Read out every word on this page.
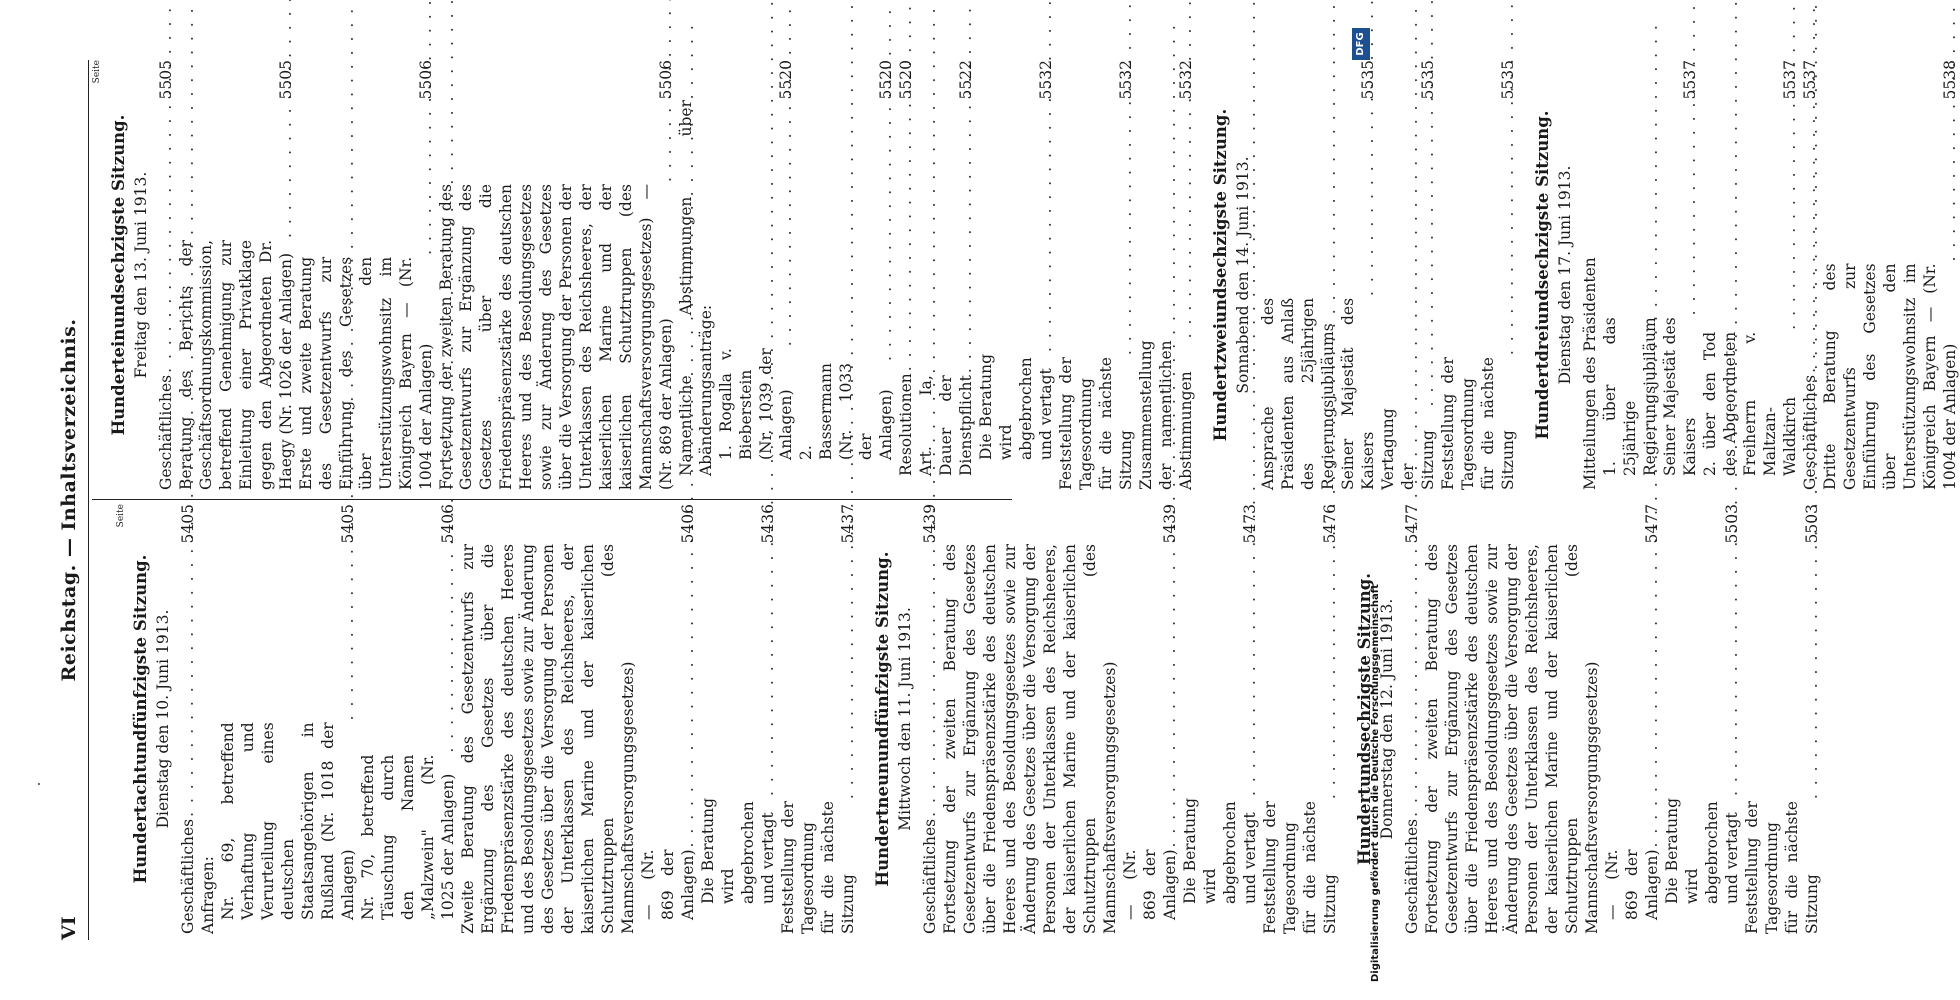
VI
Reichstag. — Inhaltsverzeichnis.	Seite
Hundertachtundfünfzigste Sitzung. Dienstag den 10. Juni 1913.
Geschäftliches
. . .
5405
Anfragen: Nr. 69, betreffend Verhaftung und Verurteilung eines deutschen Staatsangehörigen in Rußland (Nr. 1018 der Anlagen)
. . .
5405
Nr. 70, betreffend Täuschung durch den Namen „Malzwein" (Nr. 1025 der Anlagen)
. . .
5406
Zweite Beratung des Gesetzentwurfs zur Ergänzung des Gesetzes über die Friedenspräsenzstärke des deutschen Heeres und des Besoldungsgesetzes sowie zur Änderung des Gesetzes über die Versorgung der Personen der Unterklassen des Reichsheeres, der kaiserlichen Marine und der kaiserlichen Schutztruppen (des Mannschaftsversorgungsgesetzes) — (Nr. 869 der Anlagen)
. . .
5406
Die Beratung wird abgebrochen und vertagt
. . .
5436
Feststellung der Tagesordnung für die nächste Sitzung
. . .
5437
Hundertneunundfünfzigste Sitzung. Mittwoch den 11. Juni 1913.
Geschäftliches
. . .
5439
Fortsetzung der zweiten Beratung des Gesetzentwurfs zur Ergänzung des Gesetzes über die Friedenspräsenzstärke des deutschen Heeres und des Besoldungsgesetzes sowie zur Änderung des Gesetzes über die Versorgung der Personen der Unterklassen des Reichsheeres, der kaiserlichen Marine und der kaiserlichen Schutztruppen (des Mannschaftsversorgungsgesetzes) — (Nr. 869 der Anlagen)
. . .
5439
Die Beratung wird abgebrochen und vertagt
. . .
5473
Feststellung der Tagesordnung für die nächste Sitzung
. . .
5476
Hundertundsechzigste Sitzung. Donnerstag den 12. Juni 1913.
Geschäftliches
. . .
5477
Fortsetzung der zweiten Beratung des Gesetzentwurfs zur Ergänzung des Gesetzes über die Friedenspräsenzstärke des deutschen Heeres und des Besoldungsgesetzes sowie zur Änderung des Gesetzes über die Versorgung der Personen der Unterklassen des Reichsheeres, der kaiserlichen Marine und der kaiserlichen Schutztruppen (des Mannschaftsversorgungsgesetzes) — (Nr. 869 der Anlagen)
. . .
5477
Die Beratung wird abgebrochen und vertagt
. . .
5503
Feststellung der Tagesordnung für die nächste Sitzung
. . .
5503
Seite
Hunderteinundsechzigste Sitzung. Freitag den 13. Juni 1913.
Geschäftliches
. . .
5505
Beratung des Berichts der Geschäftsordnungskommission, betreffend Genehmigung zur Einleitung einer Privatklage gegen den Abgeordneten Dr. Haegy (Nr. 1026 der Anlagen)
. . .
5505
Erste und zweite Beratung des Gesetzentwurfs zur Einführung des Gesetzes über den Unterstützungswohnsitz im Königreich Bayern — (Nr. 1004 der Anlagen)
. . .
5506
Fortsetzung der zweiten Beratung des Gesetzentwurfs zur Ergänzung des Gesetzes über die Friedenspräsenzstärke des deutschen Heeres und des Besoldungsgesetzes sowie zur Änderung des Gesetzes über die Versorgung der Personen der Unterklassen des Reichsheeres, der kaiserlichen Marine und der kaiserlichen Schutztruppen (des Mannschaftsversorgungsgesetzes) — (Nr. 869 der Anlagen)
. . .
5506
Namentliche Abstimmungen über Abänderungsanträge: 1. Rogalla v. Bieberstein (Nr. 1039 der Anlagen)
. . .
5520
2. Bassermann (Nr. 1033 der Anlagen)
. . .
5520
Resolutionen
. . .
5520
Art. Ia, Dauer der Dienstpflicht
. . .
5522
Die Beratung wird abgebrochen und vertagt
. . .
5532
Feststellung der Tagesordnung für die nächste Sitzung
. . .
5532
Zusammenstellung der namentlichen Abstimmungen
. . .
5532
Hundertzweiundsechzigste Sitzung. Sonnabend den 14. Juni 1913.
Ansprache des Präsidenten aus Anlaß des 25jährigen Regierungsjubiläums Seiner Majestät des Kaisers
. . .
5535
Vertagung der Sitzung
. . .
5535
Feststellung der Tagesordnung für die nächste Sitzung
. . .
5535
Hundertdreiundsechzigste Sitzung. Dienstag den 17. Juni 1913. Mitteilungen des Präsidenten 1. über das 25jährige Regierungsjubiläum Seiner Majestät des Kaisers
. . .
5537
2. über den Tod des Abgeordneten Freiherrn v. Maltzan-Waldkirch
. . .
5537
Geschäftliches
. . .
5537
Dritte Beratung des Gesetzentwurfs zur Einführung des Gesetzes über den Unterstützungswohnsitz im Königreich Bayern — (Nr. 1004 der Anlagen)
. . .
5538
Digitalisierung gefördert durch die Deutsche Forschungsgemeinschaft
DFG
